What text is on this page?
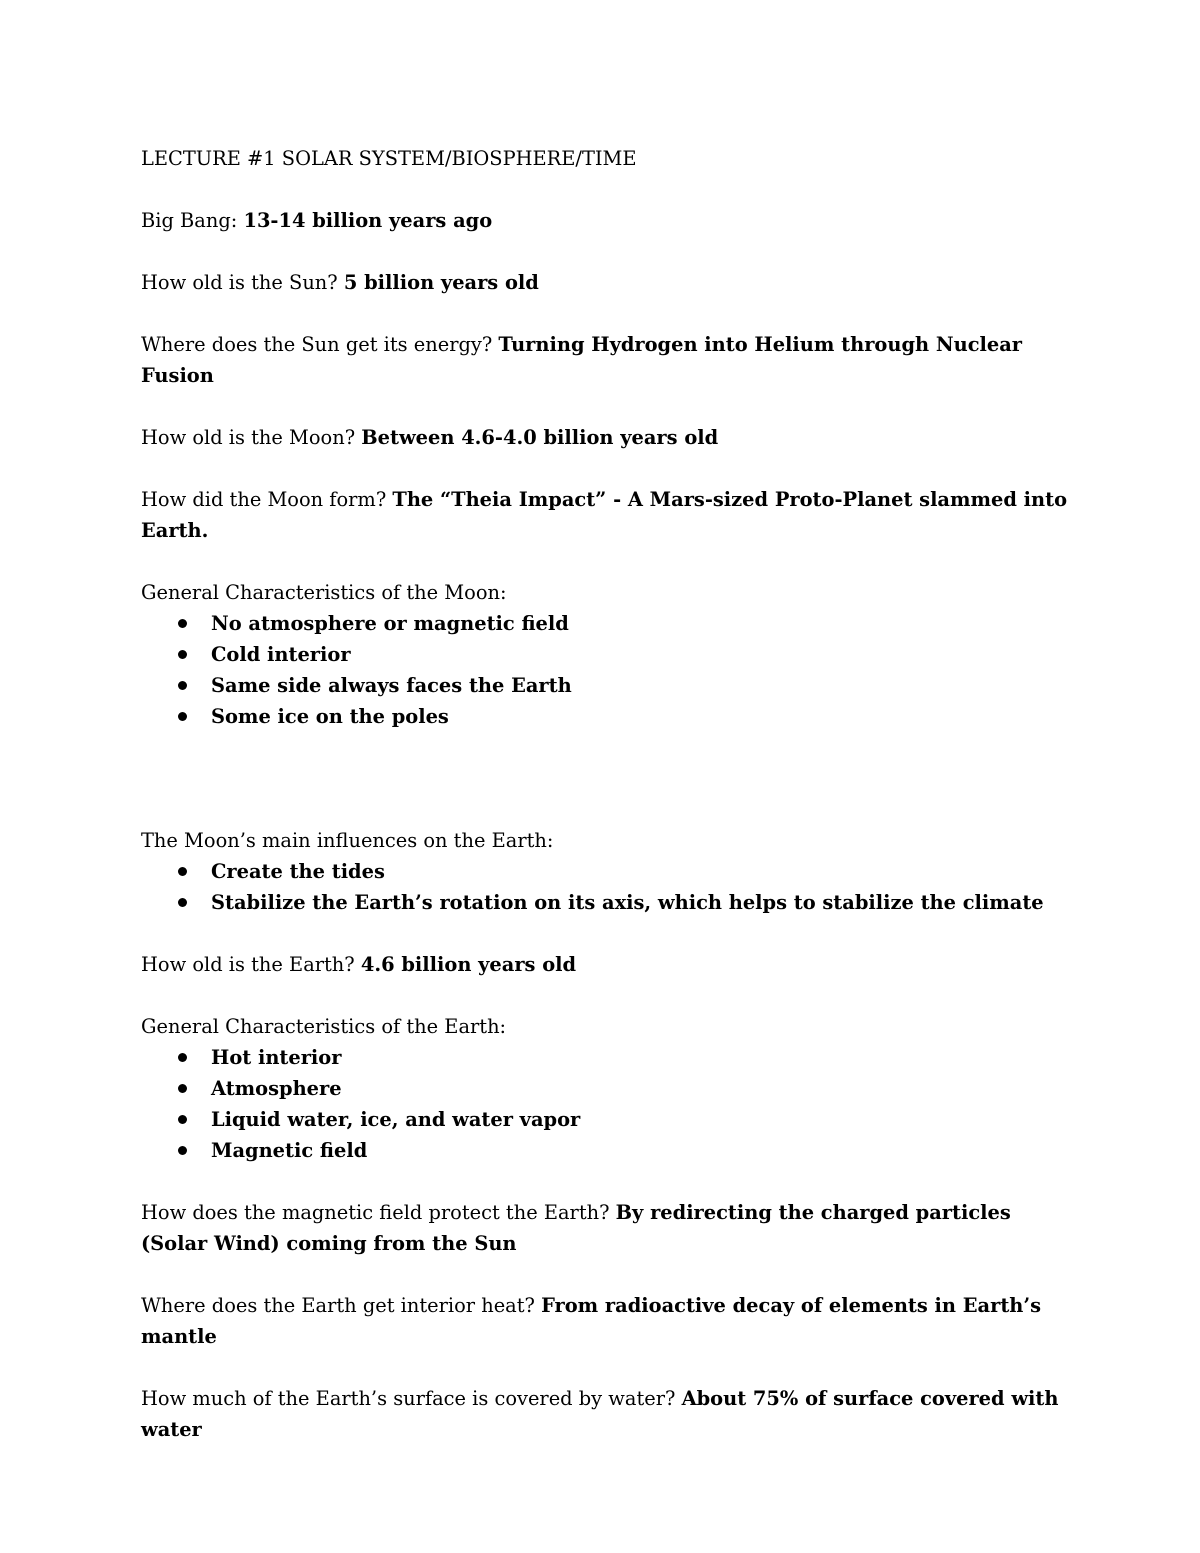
LECTURE #1 SOLAR SYSTEM/BIOSPHERE/TIME

Big Bang: 13-14 billion years ago

How old is the Sun? 5 billion years old

Where does the Sun get its energy? Turning Hydrogen into Helium through Nuclear Fusion

How old is the Moon? Between 4.6-4.0 billion years old

How did the Moon form? The “Theia Impact” - A Mars-sized Proto-Planet slammed into Earth.

General Characteristics of the Moon:

No atmosphere or magnetic field
Cold interior
Same side always faces the Earth
Some ice on the poles

The Moon’s main influences on the Earth:

Create the tides
Stabilize the Earth’s rotation on its axis, which helps to stabilize the climate

How old is the Earth? 4.6 billion years old

General Characteristics of the Earth:

Hot interior
Atmosphere
Liquid water, ice, and water vapor
Magnetic field

How does the magnetic field protect the Earth? By redirecting the charged particles (Solar Wind) coming from the Sun

Where does the Earth get interior heat? From radioactive decay of elements in Earth’s mantle

How much of the Earth’s surface is covered by water? About 75% of surface covered with water
